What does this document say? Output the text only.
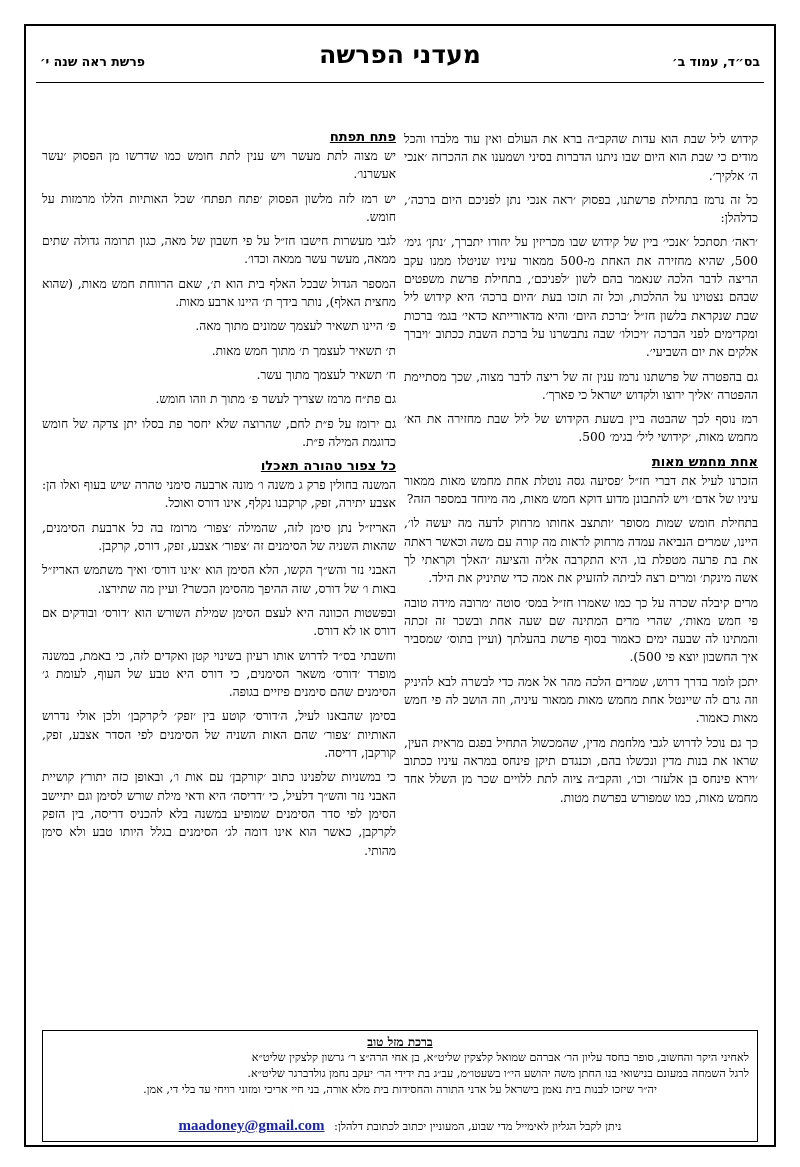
בס״ד, עמוד ב׳
מעדני הפרשה
פרשת ראה שנה י׳

קידוש ליל שבת הוא עדות שהקב״ה ברא את העולם ואין עוד מלבדו והכל מודים כי שבת הוא היום שבו ניתנו הדברות בסיני ושמענו את ההכרזה ׳אנכי ה׳ אלקיך׳.

כל זה נרמז בתחילת פרשתנו, בפסוק ׳ראה אנכי נתן לפניכם היום ברכה׳, כדלהלן:

׳ראה׳ תסתכל ׳אנכי׳ ביין של קידוש שבו מכריזין על יחודו יתברך, ׳נתן׳ גימ׳ 500, שהיא מחזירה את האחת מ-500 ממאור עיניו שניטלו ממנו עקב הריצה לדבר הלכה שנאמר בהם לשון ׳לפניכם׳, בתחילת פרשת משפטים שבהם נצטוינו על ההלכות, וכל זה תזכו בעת ׳היום ברכה׳ היא קידוש ליל שבת שנקראת בלשון חז״ל ׳ברכת היום׳ והיא מדאורייתא כדאי׳ בגמ׳ ברכות ומקדימים לפני הברכה ׳ויכולו׳ שבה נתבשרנו על ברכת השבת ככתוב ׳ויברך אלקים את יום השביעי׳.

גם בהפטרה של פרשתנו נרמז ענין זה של ריצה לדבר מצוה, שכך מסתיימת ההפטרה ׳אליך ירוצו ולקדוש ישראל כי פארך׳.

רמז נוסף לכך שהבטה ביין בשעת הקידוש של ליל שבת מחזירה את הא׳ מחמש מאות, ׳קידושי ליל׳ בגימ׳ 500.

אחת מחמש מאות

הזכרנו לעיל את דברי חז״ל ׳פסיעה גסה נוטלת אחת מחמש מאות ממאור עיניו של אדם׳ ויש להתבונן מדוע דוקא חמש מאות, מה מיוחד במספר הזה?

בתחילת חומש שמות מסופר ׳ותתצב אחותו מרחוק לדעה מה יעשה לו׳, היינו, שמרים הנביאה עמדה מרחוק לראות מה קורה עם משה וכאשר ראתה את בת פרעה מטפלת בו, היא התקרבה אליה והציעה ׳האלך וקראתי לך אשה מינקת׳ ומרים רצה לביתה להזעיק את אמה כדי שתיניק את הילד.

מרים קיבלה שכרה על כך כמו שאמרו חז״ל במס׳ סוטה ׳מרובה מידה טובה פי חמש מאות׳, שהרי מרים המתינה שם שעה אחת ובשכר זה זכתה והמתינו לה שבעה ימים כאמור בסוף פרשת בהעלתך (ועיין בתוס׳ שמסביר איך החשבון יוצא פי 500).

יתכן לומר בדרך דרוש, שמרים הלכה מהר אל אמה כדי לבשרה לבא להיניק וזה גרם לה שיינטל אחת מחמש מאות ממאור עיניה, וזה הושב לה פי חמש מאות כאמור.

כך גם נוכל לדרוש לגבי מלחמת מדין, שהמכשול התחיל בפגם מראית העין, שראו את בנות מדין ונכשלו בהם, וכנגדם תיקן פינחס במראה עיניו ככתוב ׳וירא פינחס בן אלעזר׳ וכו׳, והקב״ה ציוה לתת ללויים שכר מן השלל אחד מחמש מאות, כמו שמפורש בפרשת מטות.

פתח תפתח

יש מצוה לתת מעשר ויש ענין לתת חומש כמו שדרשו מן הפסוק ׳עשר אעשרנו׳.

יש רמז לזה מלשון הפסוק ׳פתח תפתח׳ שכל האותיות הללו מרמזות על חומש.

לגבי מעשרות חישבו חז״ל על פי חשבון של מאה, כגון תרומה גדולה שתים ממאה, מעשר עשר ממאה וכדו׳.

המספר הגדול שבכל האלף בית הוא ת׳, שאם הרווחת חמש מאות, (שהוא מחצית האלף), נותר בידך ת׳ היינו ארבע מאות.

פ׳ היינו תשאיר לעצמך שמונים מתוך מאה.

ת׳ תשאיר לעצמך ת׳ מתוך חמש מאות.

ח׳ תשאיר לעצמך מתוך עשר.

גם פת״ח מרמז שצריך לעשר פ׳ מתוך ת וזהו חומש.

גם ירומז על פ״ת לחם, שהרוצה שלא יחסר פת בסלו יתן צדקה של חומש כדוגמת המילה פ״ת.

כל צפור טהורה תאכלו

המשנה בחולין פרק ג משנה ו׳ מונה ארבעה סימני טהרה שיש בעוף ואלו הן: אצבע יתירה, זפק, קרקבנו נקלף, אינו דורס ואוכל.

האריז״ל נתן סימן לזה, שהמילה ׳צפור׳ מרומז בה כל ארבעת הסימנים, שהאות השניה של הסימנים זה ׳צפור׳ אצבע, זפק, דורס, קרקבן.

האבני נזר והש״ך הקשו, הלא הסימן הוא ׳אינו דורס׳ ואיך משתמש האריז״ל באות ו׳ של דורס, שזה ההיפך מהסימן הכשר? ועיין מה שתירצו.

ובפשטות הכוונה היא לעצם הסימן שמילת השורש הוא ׳דורס׳ ובודקים אם דורס או לא דורס.

וחשבתי בס״ד לדרוש אותו רעיון בשינוי קטן ואקדים לזה, כי באמת, במשנה מופרד ׳דורס׳ משאר הסימנים, כי דורס היא טבע של העוף, לעומת ג׳ הסימנים שהם סימנים פיזיים בגופה.

בסימן שהבאנו לעיל, ה׳דורס׳ קוטע בין ׳זפק׳ ל׳קרקבן׳ ולכן אולי נדרוש האותיות ׳צפור׳ שהם האות השניה של הסימנים לפי הסדר אצבע, זפק, קורקבן, דריסה.

כי במשניות שלפנינו כתוב ׳קורקבן׳ עם אות ו׳, ובאופן כזה יתורץ קושיית האבני נזר והש״ך דלעיל, כי ׳דריסה׳ היא ודאי מילת שורש לסימן וגם יתיישב הסימן לפי סדר הסימנים שמופיע במשנה בלא להכניס דריסה, בין הזפק לקרקבן, כאשר הוא אינו דומה לג׳ הסימנים בגלל היותו טבע ולא סימן מהותי.

ברכת מזל טוב
לאחיני היקר והחשוב, סופר בחסד עליון הר׳ אברהם שמואל קלצקין שליט״א, בן אחי הרה״צ ר׳ גרשון קלצקין שליט״א
לרגל השמחה במעונם בנישואי בנו החתן משה יהושע הי״ו בשעטו״מ, עב״ג בת ידידי הר׳ יעקב נחמן גולדברגר שליט״א.
יה״ר שיזכו לבנות בית נאמן בישראל על אדני התורה והחסידות בית מלא אורה, בני חיי אריכי ומזוני רויחי עד בלי די, אמן.
ניתן לקבל הגליון לאימייל מדי שבוע, המעוניין יכתוב לכתובת דלהלן: maadoney@gmail.com
